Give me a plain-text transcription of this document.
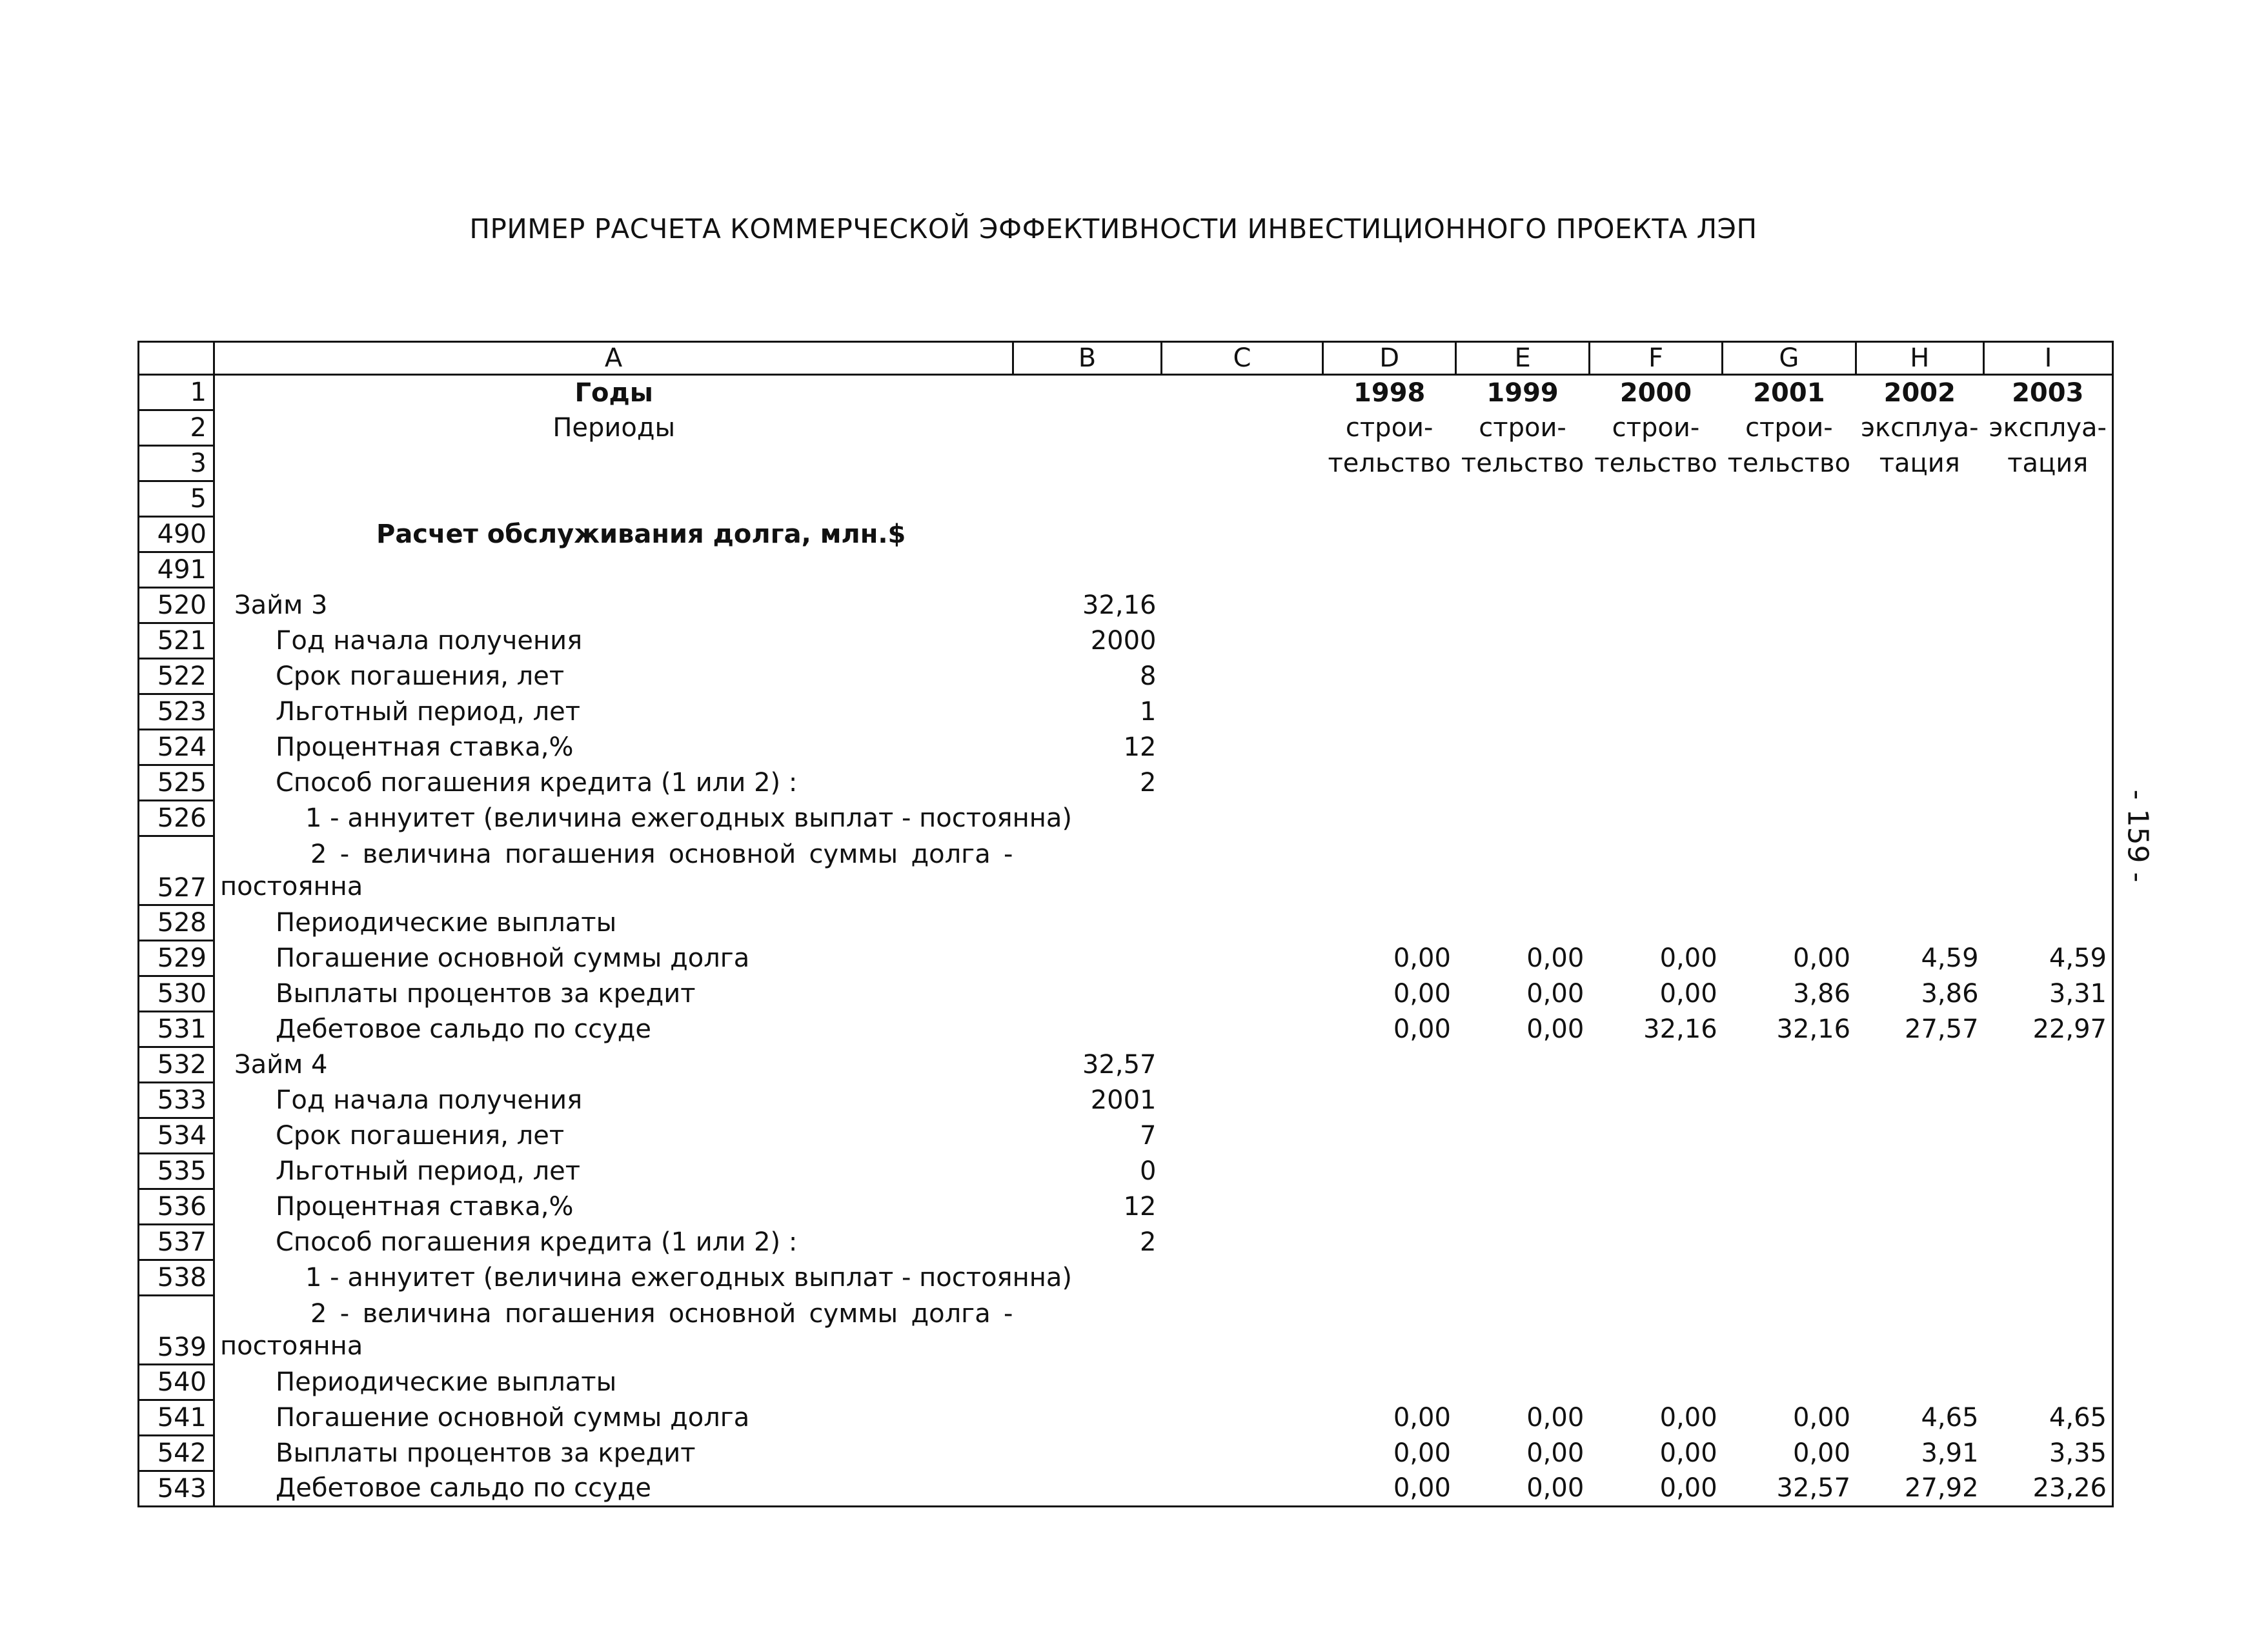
ПРИМЕР РАСЧЕТА КОММЕРЧЕСКОЙ ЭФФЕКТИВНОСТИ ИНВЕСТИЦИОННОГО ПРОЕКТА ЛЭП
- 159 -
	A	B	C	D	E	F	G	H	I
1	Годы			1998	1999	2000	2001	2002	2003
2	Периоды			строи-	строи-	строи-	строи-	эксплуа-	эксплуа-
3				тельство	тельство	тельство	тельство	тация	тация
5									
490	Расчет обслуживания долга, млн.$								
491									
520	Займ 3	32,16							
521	Год начала получения	2000							
522	Срок погашения, лет	8							
523	Льготный период, лет	1							
524	Процентная ставка,%	12							
525	Способ погашения кредита (1 или 2) :	2							
526	1 - аннуитет (величина ежегодных выплат - постоянна)								
527	2 - величина погашения основной суммы долга -
постоянна								

528	Периодические выплаты								
529	Погашение основной суммы долга			0,00	0,00	0,00	0,00	4,59	4,59
530	Выплаты процентов за кредит			0,00	0,00	0,00	3,86	3,86	3,31
531	Дебетовое сальдо по ссуде			0,00	0,00	32,16	32,16	27,57	22,97
532	Займ 4	32,57							
533	Год начала получения	2001							
534	Срок погашения, лет	7							
535	Льготный период, лет	0							
536	Процентная ставка,%	12							
537	Способ погашения кредита (1 или 2) :	2							
538	1 - аннуитет (величина ежегодных выплат - постоянна)								
539	2 - величина погашения основной суммы долга -
постоянна								

540	Периодические выплаты								
541	Погашение основной суммы долга			0,00	0,00	0,00	0,00	4,65	4,65
542	Выплаты процентов за кредит			0,00	0,00	0,00	0,00	3,91	3,35
543	Дебетовое сальдо по ссуде			0,00	0,00	0,00	32,57	27,92	23,26
